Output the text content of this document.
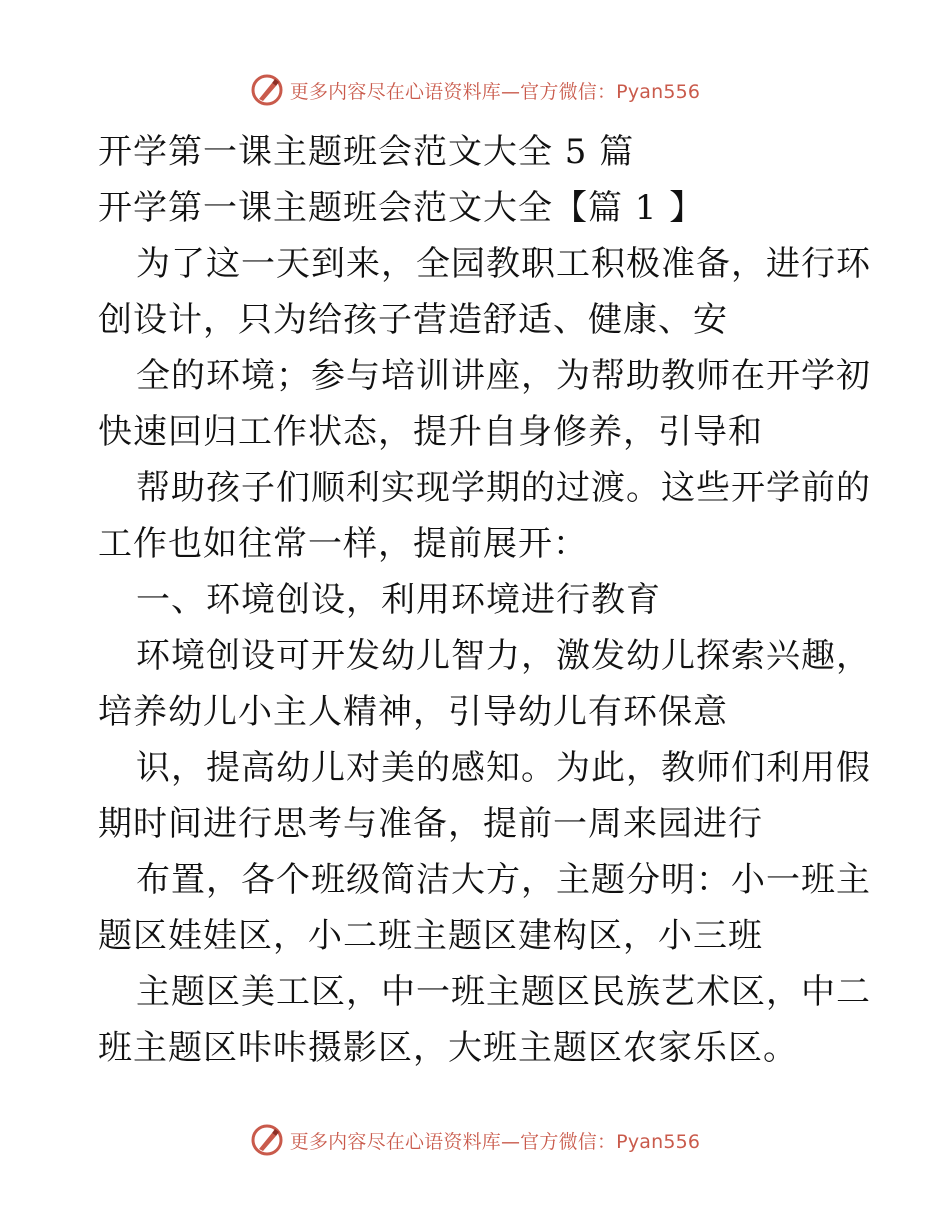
更多内容尽在心语资料库—官方微信：Pyan556
开学第一课主题班会范文大全 5 篇
开学第一课主题班会范文大全【篇 1 】
为了这一天到来，全园教职工积极准备，进行环
创设计，只为给孩子营造舒适、健康、安
全的环境；参与培训讲座，为帮助教师在开学初
快速回归工作状态，提升自身修养，引导和
帮助孩子们顺利实现学期的过渡。这些开学前的
工作也如往常一样，提前展开：
一、环境创设，利用环境进行教育
环境创设可开发幼儿智力，激发幼儿探索兴趣，
培养幼儿小主人精神，引导幼儿有环保意
识，提高幼儿对美的感知。为此，教师们利用假
期时间进行思考与准备，提前一周来园进行
布置，各个班级简洁大方，主题分明：小一班主
题区娃娃区，小二班主题区建构区，小三班
主题区美工区，中一班主题区民族艺术区，中二
班主题区咔咔摄影区，大班主题区农家乐区。
更多内容尽在心语资料库—官方微信：Pyan556
